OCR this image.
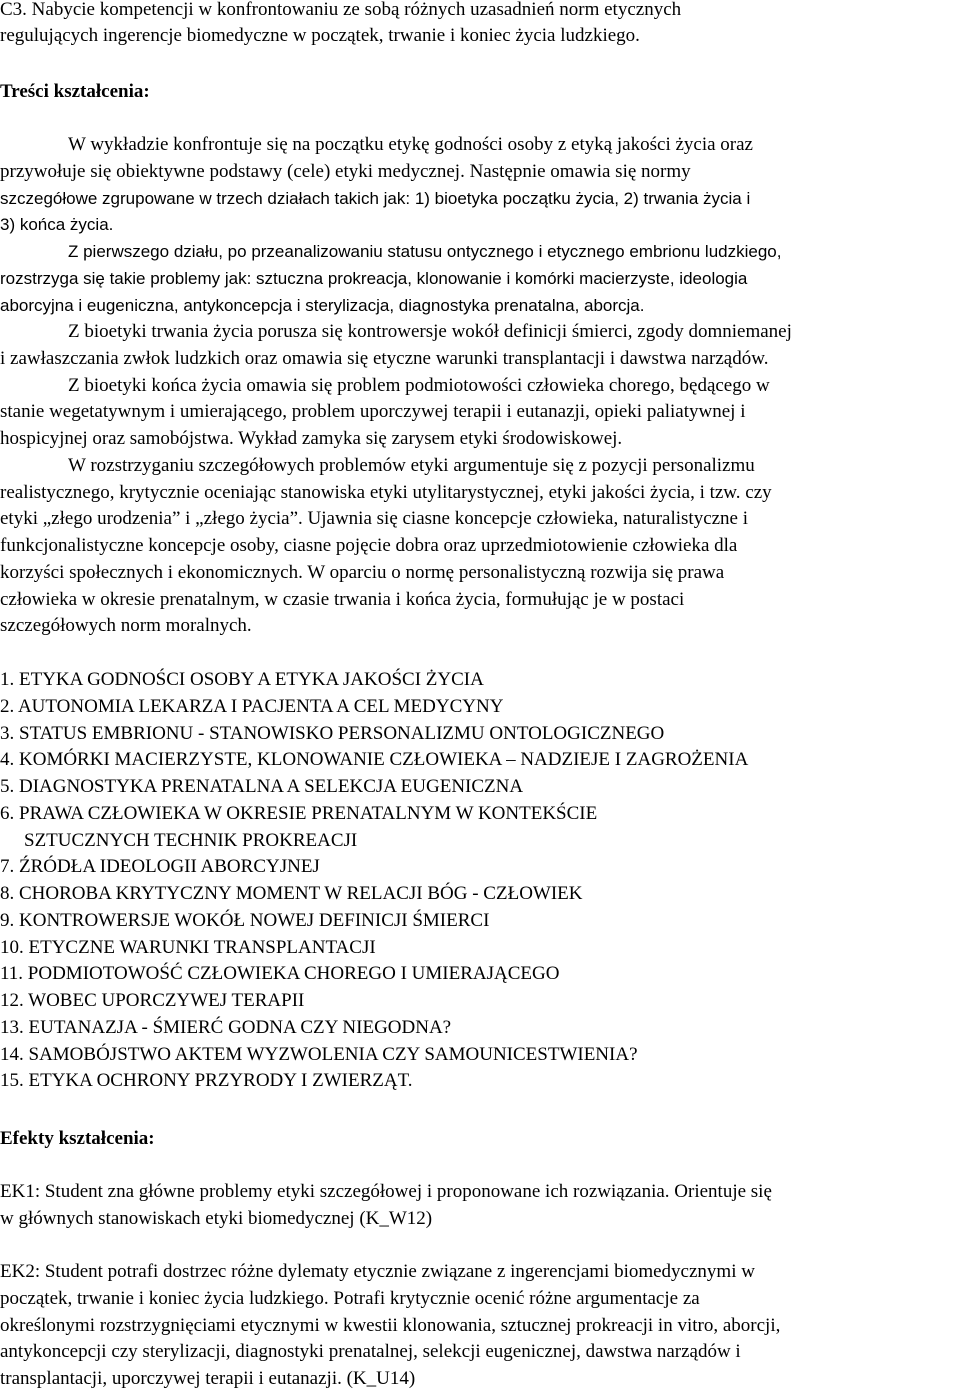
C3. Nabycie kompetencji w konfrontowaniu ze sobą różnych uzasadnień norm etycznych
regulujących ingerencje biomedyczne w początek, trwanie i koniec życia ludzkiego.
Treści kształcenia:
W wykładzie konfrontuje się na początku etykę godności osoby z etyką jakości życia oraz
przywołuje się obiektywne podstawy (cele) etyki medycznej. Następnie omawia się normy
szczegółowe zgrupowane w trzech działach takich jak: 1) bioetyka początku życia, 2) trwania życia i
3) końca życia.
Z pierwszego działu, po przeanalizowaniu statusu ontycznego i etycznego embrionu ludzkiego,
rozstrzyga się takie problemy jak: sztuczna prokreacja, klonowanie i komórki macierzyste, ideologia
aborcyjna i eugeniczna, antykoncepcja i sterylizacja, diagnostyka prenatalna, aborcja.
Z bioetyki trwania życia porusza się kontrowersje wokół definicji śmierci, zgody domniemanej
i zawłaszczania zwłok ludzkich oraz omawia się etyczne warunki transplantacji i dawstwa narządów.
Z bioetyki końca życia omawia się problem podmiotowości człowieka chorego, będącego w
stanie wegetatywnym i umierającego, problem uporczywej terapii i eutanazji, opieki paliatywnej i
hospicyjnej oraz samobójstwa. Wykład zamyka się zarysem etyki środowiskowej.
W rozstrzyganiu szczegółowych problemów etyki argumentuje się z pozycji personalizmu
realistycznego, krytycznie oceniając stanowiska etyki utylitarystycznej, etyki jakości życia, i tzw. czy
etyki „złego urodzenia” i „złego życia”. Ujawnia się ciasne koncepcje człowieka, naturalistyczne i
funkcjonalistyczne koncepcje osoby, ciasne pojęcie dobra oraz uprzedmiotowienie człowieka dla
korzyści społecznych i ekonomicznych. W oparciu o normę personalistyczną rozwija się prawa
człowieka w okresie prenatalnym, w czasie trwania i końca życia, formułując je w postaci
szczegółowych norm moralnych.
1. ETYKA GODNOŚCI OSOBY A ETYKA JAKOŚCI ŻYCIA
2. AUTONOMIA LEKARZA I PACJENTA A CEL MEDYCYNY
3. STATUS EMBRIONU - STANOWISKO PERSONALIZMU ONTOLOGICZNEGO
4. KOMÓRKI MACIERZYSTE, KLONOWANIE CZŁOWIEKA – NADZIEJE I ZAGROŻENIA
5. DIAGNOSTYKA PRENATALNA A SELEKCJA EUGENICZNA
6. PRAWA CZŁOWIEKA W OKRESIE PRENATALNYM W KONTEKŚCIE
SZTUCZNYCH TECHNIK PROKREACJI
7. ŹRÓDŁA IDEOLOGII ABORCYJNEJ
8. CHOROBA KRYTYCZNY MOMENT W RELACJI BÓG - CZŁOWIEK
9. KONTROWERSJE WOKÓŁ NOWEJ DEFINICJI ŚMIERCI
10. ETYCZNE WARUNKI TRANSPLANTACJI
11. PODMIOTOWOŚĆ CZŁOWIEKA CHOREGO I UMIERAJĄCEGO
12. WOBEC UPORCZYWEJ TERAPII
13. EUTANAZJA - ŚMIERĆ GODNA CZY NIEGODNA?
14. SAMOBÓJSTWO AKTEM WYZWOLENIA CZY SAMOUNICESTWIENIA?
15. ETYKA OCHRONY PRZYRODY I ZWIERZĄT.
Efekty kształcenia:
EK1: Student zna główne problemy etyki szczegółowej i proponowane ich rozwiązania. Orientuje się
w głównych stanowiskach etyki biomedycznej (K_W12)
EK2: Student potrafi dostrzec różne dylematy etycznie związane z ingerencjami biomedycznymi w
początek, trwanie i koniec życia ludzkiego. Potrafi krytycznie ocenić różne argumentacje za
określonymi rozstrzygnięciami etycznymi w kwestii klonowania, sztucznej prokreacji in vitro, aborcji,
antykoncepcji czy sterylizacji, diagnostyki prenatalnej, selekcji eugenicznej, dawstwa narządów i
transplantacji, uporczywej terapii i eutanazji. (K_U14)
